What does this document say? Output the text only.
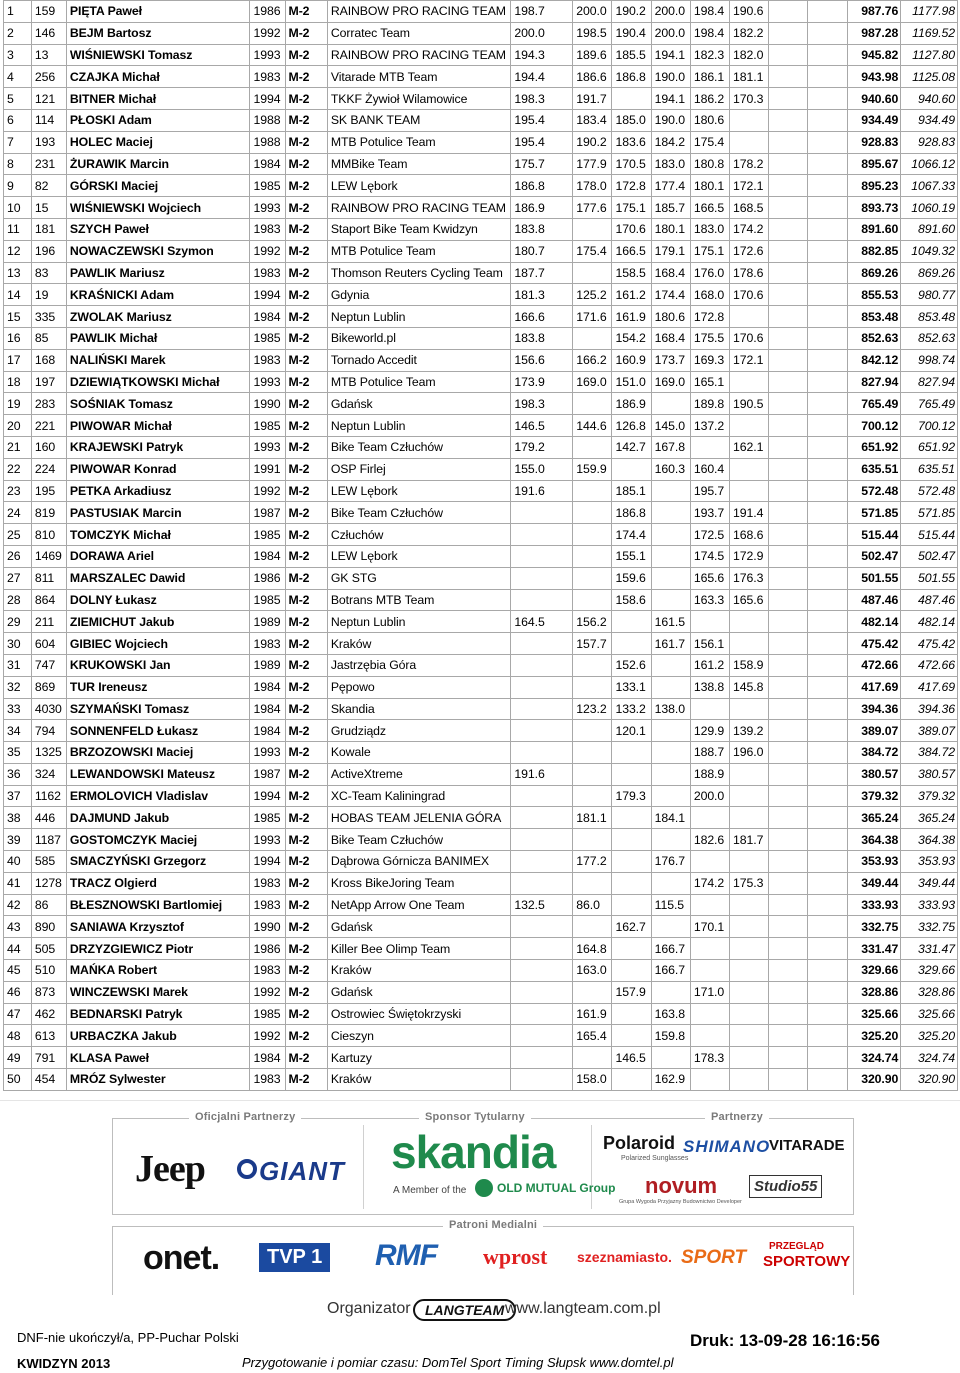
1	159	PIĘTA Paweł	1986	M-2	RAINBOW PRO RACING TEAM	198.7	200.0	190.2	200.0	198.4	190.6			987.76	1177.98
2	146	BEJM Bartosz	1992	M-2	Corratec Team	200.0	198.5	190.4	200.0	198.4	182.2			987.28	1169.52
3	13	WIŚNIEWSKI Tomasz	1993	M-2	RAINBOW PRO RACING TEAM	194.3	189.6	185.5	194.1	182.3	182.0			945.82	1127.80
4	256	CZAJKA Michał	1983	M-2	Vitarade MTB Team	194.4	186.6	186.8	190.0	186.1	181.1			943.98	1125.08
5	121	BITNER Michał	1994	M-2	TKKF Żywioł Wilamowice	198.3	191.7		194.1	186.2	170.3			940.60	940.60
6	114	PŁOSKI Adam	1988	M-2	SK BANK TEAM	195.4	183.4	185.0	190.0	180.6				934.49	934.49
7	193	HOLEC Maciej	1988	M-2	MTB Potulice Team	195.4	190.2	183.6	184.2	175.4				928.83	928.83
8	231	ŻURAWIK Marcin	1984	M-2	MMBike Team	175.7	177.9	170.5	183.0	180.8	178.2			895.67	1066.12
9	82	GÓRSKI Maciej	1985	M-2	LEW Lębork	186.8	178.0	172.8	177.4	180.1	172.1			895.23	1067.33
10	15	WIŚNIEWSKI Wojciech	1993	M-2	RAINBOW PRO RACING TEAM	186.9	177.6	175.1	185.7	166.5	168.5			893.73	1060.19
11	181	SZYCH Paweł	1983	M-2	Staport Bike Team Kwidzyn	183.8		170.6	180.1	183.0	174.2			891.60	891.60
12	196	NOWACZEWSKI Szymon	1992	M-2	MTB Potulice Team	180.7	175.4	166.5	179.1	175.1	172.6			882.85	1049.32
13	83	PAWLIK Mariusz	1983	M-2	Thomson Reuters Cycling Team	187.7		158.5	168.4	176.0	178.6			869.26	869.26
14	19	KRAŚNICKI Adam	1994	M-2	Gdynia	181.3	125.2	161.2	174.4	168.0	170.6			855.53	980.77
15	335	ZWOLAK Mariusz	1984	M-2	Neptun Lublin	166.6	171.6	161.9	180.6	172.8				853.48	853.48
16	85	PAWLIK Michał	1985	M-2	Bikeworld.pl	183.8		154.2	168.4	175.5	170.6			852.63	852.63
17	168	NALIŃSKI Marek	1983	M-2	Tornado Accedit	156.6	166.2	160.9	173.7	169.3	172.1			842.12	998.74
18	197	DZIEWIĄTKOWSKI Michał	1993	M-2	MTB Potulice Team	173.9	169.0	151.0	169.0	165.1				827.94	827.94
19	283	SOŚNIAK Tomasz	1990	M-2	Gdańsk	198.3		186.9		189.8	190.5			765.49	765.49
20	221	PIWOWAR Michał	1985	M-2	Neptun Lublin	146.5	144.6	126.8	145.0	137.2				700.12	700.12
21	160	KRAJEWSKI Patryk	1993	M-2	Bike Team Człuchów	179.2		142.7	167.8		162.1			651.92	651.92
22	224	PIWOWAR Konrad	1991	M-2	OSP Firlej	155.0	159.9		160.3	160.4				635.51	635.51
23	195	PETKA Arkadiusz	1992	M-2	LEW Lębork	191.6		185.1		195.7				572.48	572.48
24	819	PASTUSIAK Marcin	1987	M-2	Bike Team Człuchów			186.8		193.7	191.4			571.85	571.85
25	810	TOMCZYK Michał	1985	M-2	Człuchów			174.4		172.5	168.6			515.44	515.44
26	1469	DORAWA Ariel	1984	M-2	LEW Lębork			155.1		174.5	172.9			502.47	502.47
27	811	MARSZALEC Dawid	1986	M-2	GK STG			159.6		165.6	176.3			501.55	501.55
28	864	DOLNY Łukasz	1985	M-2	Botrans MTB Team			158.6		163.3	165.6			487.46	487.46
29	211	ZIEMICHUT Jakub	1989	M-2	Neptun Lublin	164.5	156.2		161.5					482.14	482.14
30	604	GIBIEC Wojciech	1983	M-2	Kraków		157.7		161.7	156.1				475.42	475.42
31	747	KRUKOWSKI Jan	1989	M-2	Jastrzębia Góra			152.6		161.2	158.9			472.66	472.66
32	869	TUR Ireneusz	1984	M-2	Pępowo			133.1		138.8	145.8			417.69	417.69
33	4030	SZYMAŃSKI Tomasz	1984	M-2	Skandia		123.2	133.2	138.0					394.36	394.36
34	794	SONNENFELD Łukasz	1984	M-2	Grudziądz			120.1		129.9	139.2			389.07	389.07
35	1325	BRZOZOWSKI Maciej	1993	M-2	Kowale					188.7	196.0			384.72	384.72
36	324	LEWANDOWSKI Mateusz	1987	M-2	ActiveXtreme	191.6				188.9				380.57	380.57
37	1162	ERMOLOVICH Vladislav	1994	M-2	XC-Team Kaliningrad			179.3		200.0				379.32	379.32
38	446	DAJMUND Jakub	1985	M-2	HOBAS TEAM JELENIA GÓRA		181.1		184.1					365.24	365.24
39	1187	GOSTOMCZYK Maciej	1993	M-2	Bike Team Człuchów					182.6	181.7			364.38	364.38
40	585	SMACZYŃSKI Grzegorz	1994	M-2	Dąbrowa Górnicza BANIMEX		177.2		176.7					353.93	353.93
41	1278	TRACZ Olgierd	1983	M-2	Kross BikeJoring Team					174.2	175.3			349.44	349.44
42	86	BŁESZNOWSKI Bartlomiej	1983	M-2	NetApp Arrow One Team	132.5	86.0		115.5					333.93	333.93
43	890	SANIAWA Krzysztof	1990	M-2	Gdańsk			162.7		170.1				332.75	332.75
44	505	DRZYZGIEWICZ Piotr	1986	M-2	Killer Bee Olimp Team		164.8		166.7					331.47	331.47
45	510	MAŃKA Robert	1983	M-2	Kraków		163.0		166.7					329.66	329.66
46	873	WINCZEWSKI Marek	1992	M-2	Gdańsk			157.9		171.0				328.86	328.86
47	462	BEDNARSKI Patryk	1985	M-2	Ostrowiec Świętokrzyski		161.9		163.8					325.66	325.66
48	613	URBACZKA Jakub	1992	M-2	Cieszyn		165.4		159.8					325.20	325.20
49	791	KLASA Paweł	1984	M-2	Kartuzy			146.5		178.3				324.74	324.74
50	454	MRÓZ Sylwester	1983	M-2	Kraków		158.0		162.9					320.90	320.90
Oficjalni Partnerzy	Sponsor Tytularny	Partnerzy
Jeep GIANT skandia
A Member of the	OLD MUTUAL Group
Polaroid
Polarized Sunglasses
SHIMANO
VITARADE
novum
Grupa Wygoda Przyjazny Budownictwo Developer
Studio55
Patroni Medialni
onet.	TVP 1 RMF wprost szeznamiasto. SPORT
PRZEGLĄD
SPORTOWY
Organizator	LANGTEAM www.langteam.com.pl
DNF-nie ukończył/a, PP-Puchar Polski
KWIDZYN 2013	Przygotowanie i pomiar czasu: DomTel Sport Timing Słupsk www.domtel.pl
Druk: 13-09-28 16:16:56
